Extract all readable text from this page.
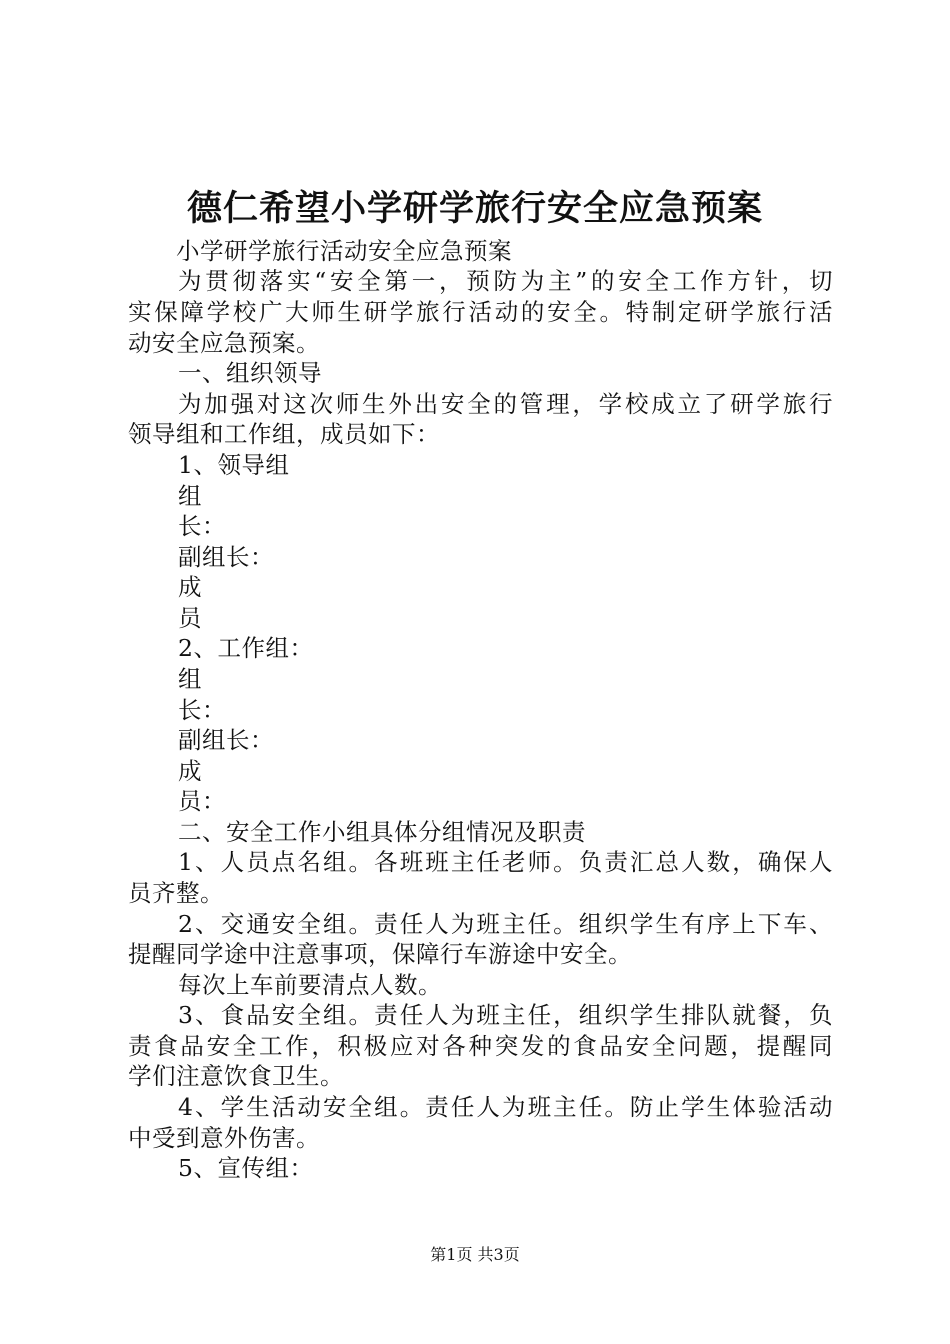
德仁希望小学研学旅行安全应急预案

小学研学旅行活动安全应急预案

为贯彻落实“安全第一，预防为主”的安全工作方针，切

实保障学校广大师生研学旅行活动的安全。特制定研学旅行活

动安全应急预案。

一、组织领导

为加强对这次师生外出安全的管理，学校成立了研学旅行

领导组和工作组，成员如下：

1、领导组

组

长：

副组长：

成

员

2、工作组：

组

长：

副组长：

成

员：

二、安全工作小组具体分组情况及职责

1、人员点名组。各班班主任老师。负责汇总人数，确保人

员齐整。

2、交通安全组。责任人为班主任。组织学生有序上下车、

提醒同学途中注意事项，保障行车游途中安全。

每次上车前要清点人数。

3、食品安全组。责任人为班主任，组织学生排队就餐，负

责食品安全工作，积极应对各种突发的食品安全问题，提醒同

学们注意饮食卫生。

4、学生活动安全组。责任人为班主任。防止学生体验活动

中受到意外伤害。

5、宣传组：

第1页 共3页
